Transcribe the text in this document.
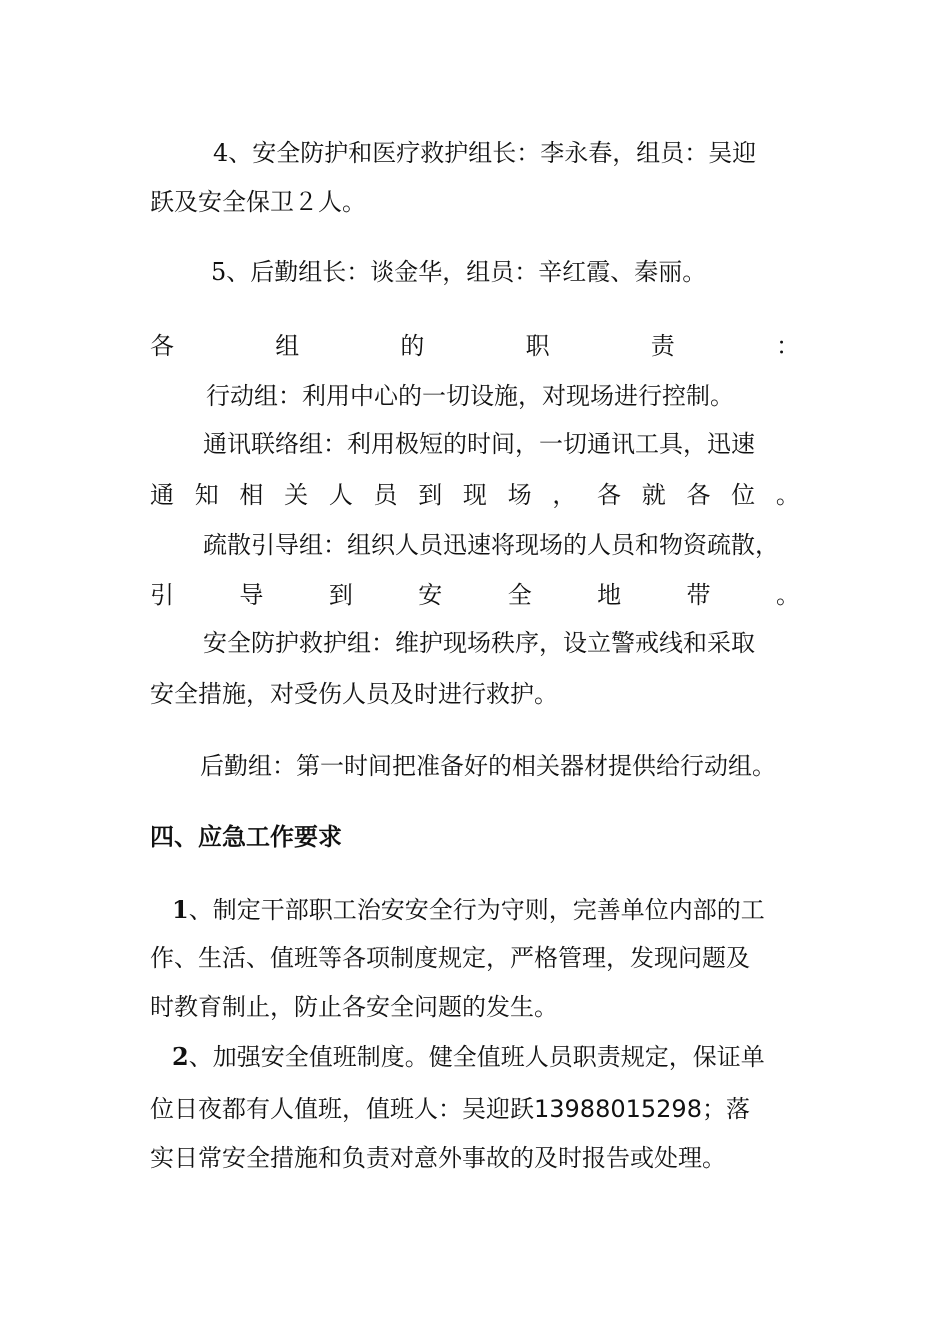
4、安全防护和医疗救护组长：李永春，组员：吴迎
跃及安全保卫２人。
5、后勤组长：谈金华，组员：辛红霞、秦丽。
各	组	的	职	责	：
行动组：利用中心的一切设施，对现场进行控制。
通讯联络组：利用极短的时间，一切通讯工具，迅速
通 知 相 关 人 员 到 现 场 ， 各 就 各 位 。
疏散引导组：组织人员迅速将现场的人员和物资疏散，
引	导	到	安	全	地	带	。
安全防护救护组：维护现场秩序，设立警戒线和采取
安全措施，对受伤人员及时进行救护。
后勤组：第一时间把准备好的相关器材提供给行动组。
四、应急工作要求
1、制定干部职工治安安全行为守则，完善单位内部的工
作、生活、值班等各项制度规定，严格管理，发现问题及
时教育制止，防止各安全问题的发生。
2、加强安全值班制度。健全值班人员职责规定，保证单
位日夜都有人值班，值班人：吴迎跃13988015298；落
实日常安全措施和负责对意外事故的及时报告或处理。
